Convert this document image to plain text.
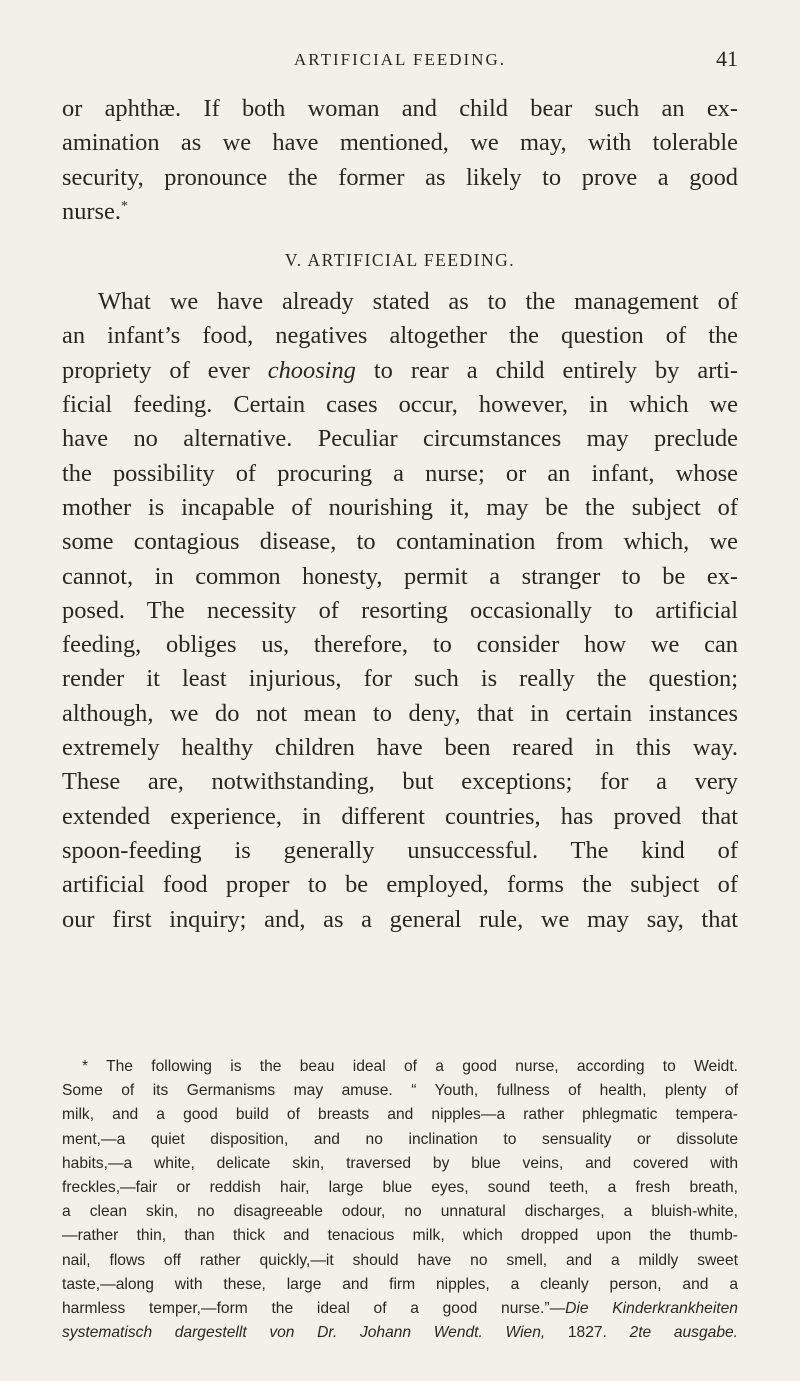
ARTIFICIAL FEEDING.	41
or aphthæ. If both woman and child bear such an ex-
amination as we have mentioned, we may, with tolerable
security, pronounce the former as likely to prove a good
nurse.*
V. ARTIFICIAL FEEDING.
What we have already stated as to the management of
an infant’s food, negatives altogether the question of the
propriety of ever choosing to rear a child entirely by arti-
ficial feeding. Certain cases occur, however, in which we
have no alternative. Peculiar circumstances may preclude
the possibility of procuring a nurse; or an infant, whose
mother is incapable of nourishing it, may be the subject of
some contagious disease, to contamination from which, we
cannot, in common honesty, permit a stranger to be ex-
posed. The necessity of resorting occasionally to artificial
feeding, obliges us, therefore, to consider how we can
render it least injurious, for such is really the question;
although, we do not mean to deny, that in certain instances
extremely healthy children have been reared in this way.
These are, notwithstanding, but exceptions; for a very
extended experience, in different countries, has proved that
spoon-feeding is generally unsuccessful. The kind of
artificial food proper to be employed, forms the subject of
our first inquiry; and, as a general rule, we may say, that
* The following is the beau ideal of a good nurse, according to Weidt.
Some of its Germanisms may amuse. “ Youth, fullness of health, plenty of
milk, and a good build of breasts and nipples—a rather phlegmatic tempera-
ment,—a quiet disposition, and no inclination to sensuality or dissolute
habits,—a white, delicate skin, traversed by blue veins, and covered with
freckles,—fair or reddish hair, large blue eyes, sound teeth, a fresh breath,
a clean skin, no disagreeable odour, no unnatural discharges, a bluish-white,
—rather thin, than thick and tenacious milk, which dropped upon the thumb-
nail, flows off rather quickly,—it should have no smell, and a mildly sweet
taste,—along with these, large and firm nipples, a cleanly person, and a
harmless temper,—form the ideal of a good nurse.”—Die Kinderkrankheiten
systematisch dargestellt von Dr. Johann Wendt. Wien, 1827. 2te ausgabe.
